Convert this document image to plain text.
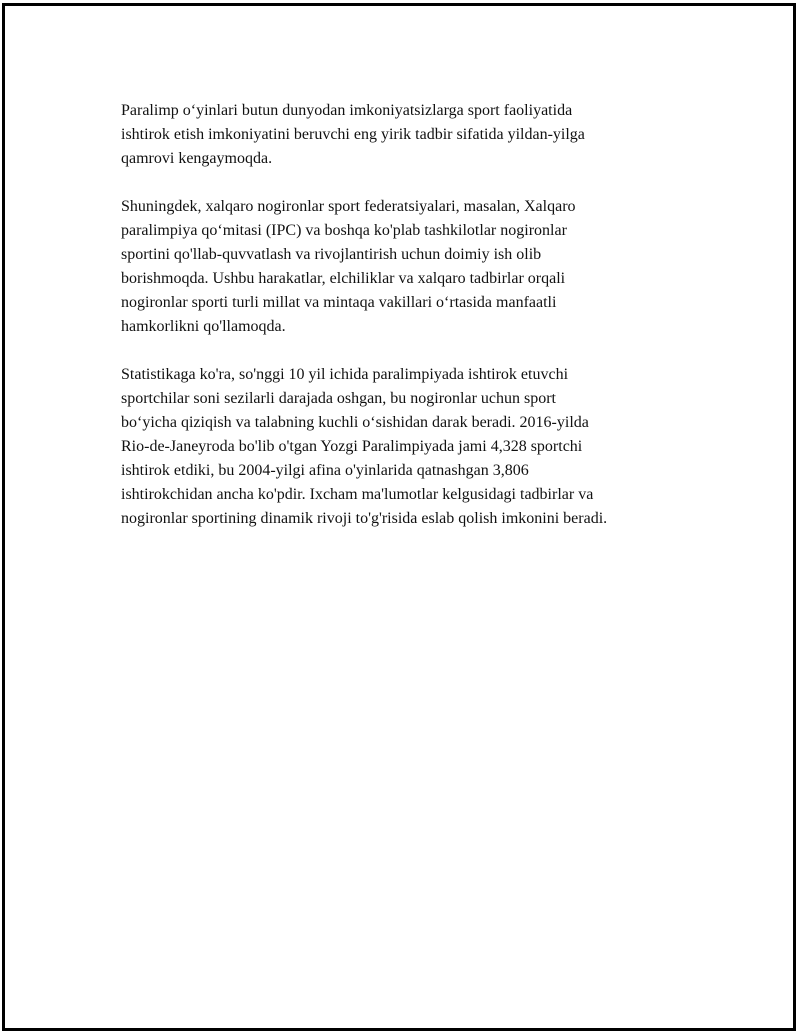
Paralimp o‘yinlari butun dunyodan imkoniyatsizlarga sport faoliyatida
ishtirok etish imkoniyatini beruvchi eng yirik tadbir sifatida yildan-yilga
qamrovi kengaymoqda.

Shuningdek, xalqaro nogironlar sport federatsiyalari, masalan, Xalqaro
paralimpiya qo‘mitasi (IPC) va boshqa ko'plab tashkilotlar nogironlar
sportini qo'llab-quvvatlash va rivojlantirish uchun doimiy ish olib
borishmoqda. Ushbu harakatlar, elchiliklar va xalqaro tadbirlar orqali
nogironlar sporti turli millat va mintaqa vakillari o‘rtasida manfaatli
hamkorlikni qo'llamoqda.

Statistikaga ko'ra, so'nggi 10 yil ichida paralimpiyada ishtirok etuvchi
sportchilar soni sezilarli darajada oshgan, bu nogironlar uchun sport
bo‘yicha qiziqish va talabning kuchli o‘sishidan darak beradi. 2016-yilda
Rio-de-Janeyroda bo'lib o'tgan Yozgi Paralimpiyada jami 4,328 sportchi
ishtirok etdiki, bu 2004-yilgi afina o'yinlarida qatnashgan 3,806
ishtirokchidan ancha ko'pdir. Ixcham ma'lumotlar kelgusidagi tadbirlar va
nogironlar sportining dinamik rivoji to'g'risida eslab qolish imkonini beradi.
